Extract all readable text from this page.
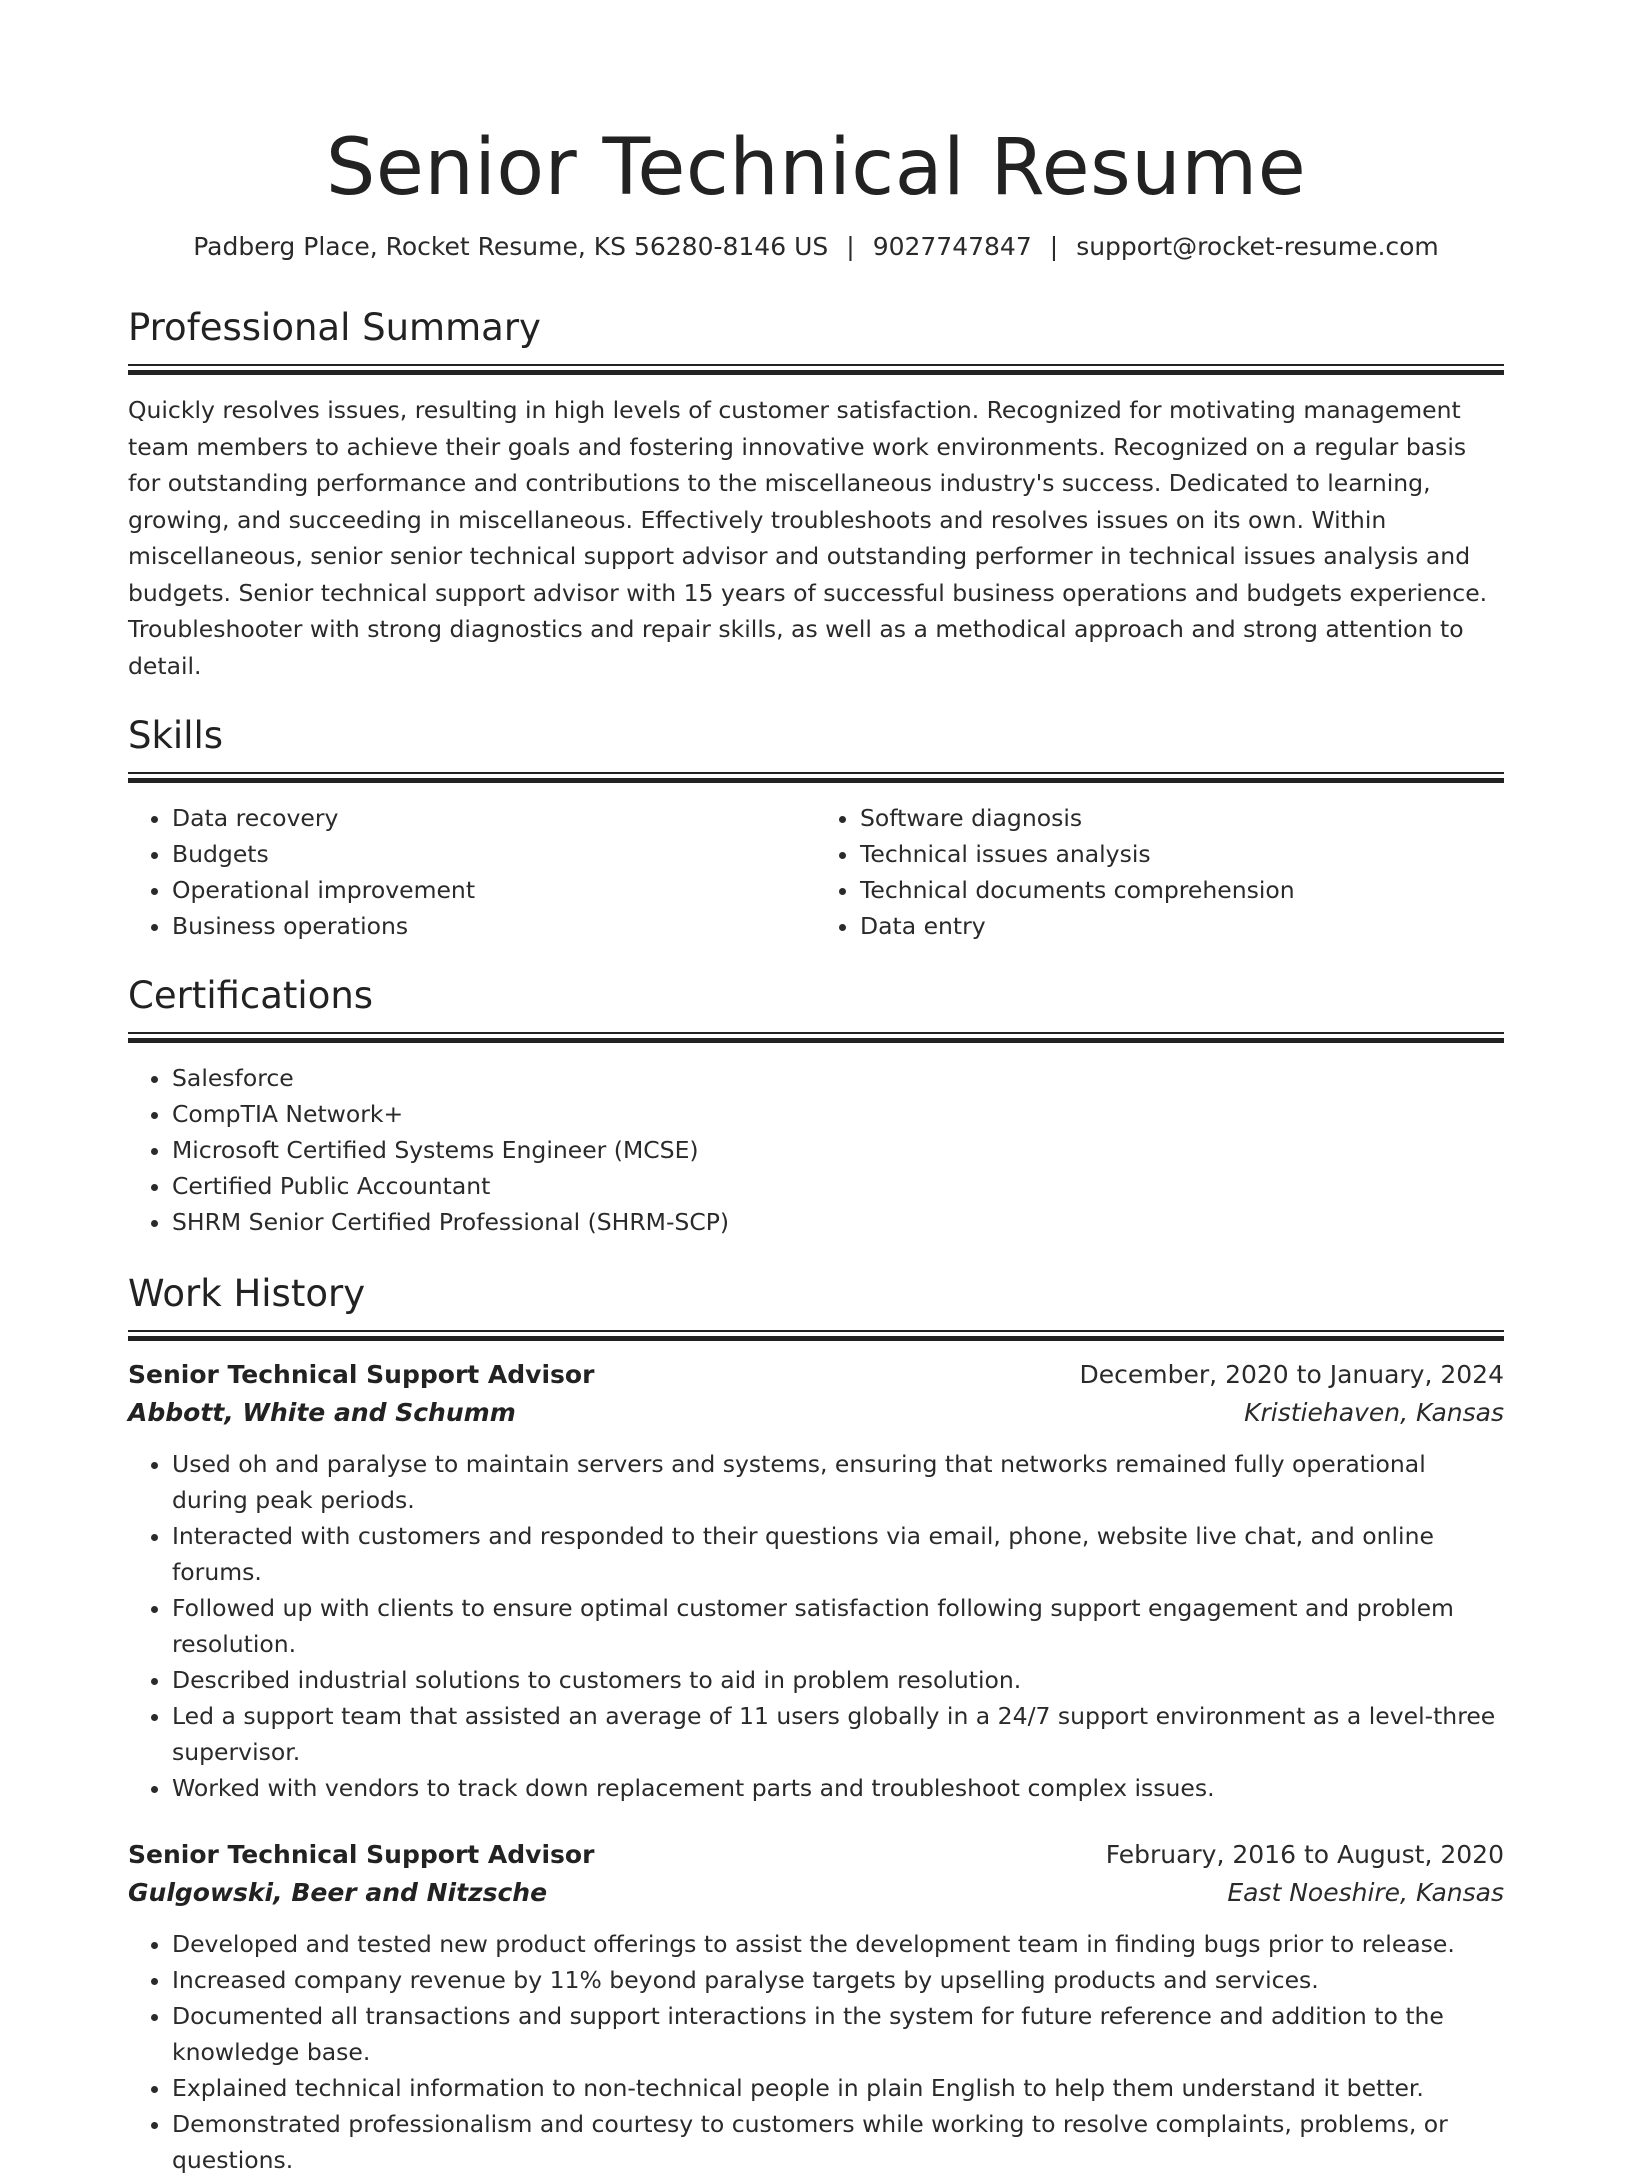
Senior Technical Resume
Padberg Place, Rocket Resume, KS 56280-8146 US | 9027747847 | support@rocket-resume.com
Professional Summary
Quickly resolves issues, resulting in high levels of customer satisfaction. Recognized for motivating management team members to achieve their goals and fostering innovative work environments. Recognized on a regular basis for outstanding performance and contributions to the miscellaneous industry's success. Dedicated to learning, growing, and succeeding in miscellaneous. Effectively troubleshoots and resolves issues on its own. Within miscellaneous, senior senior technical support advisor and outstanding performer in technical issues analysis and budgets. Senior technical support advisor with 15 years of successful business operations and budgets experience. Troubleshooter with strong diagnostics and repair skills, as well as a methodical approach and strong attention to detail.
Skills
• Data recovery
• Budgets
• Operational improvement
• Business operations
• Software diagnosis
• Technical issues analysis
• Technical documents comprehension
• Data entry
Certifications
• Salesforce
• CompTIA Network+
• Microsoft Certified Systems Engineer (MCSE)
• Certified Public Accountant
• SHRM Senior Certified Professional (SHRM-SCP)
Work History
Senior Technical Support Advisor	December, 2020 to January, 2024
Abbott, White and Schumm	Kristiehaven, Kansas
• Used oh and paralyse to maintain servers and systems, ensuring that networks remained fully operational during peak periods.
• Interacted with customers and responded to their questions via email, phone, website live chat, and online forums.
• Followed up with clients to ensure optimal customer satisfaction following support engagement and problem resolution.
• Described industrial solutions to customers to aid in problem resolution.
• Led a support team that assisted an average of 11 users globally in a 24/7 support environment as a level-three supervisor.
• Worked with vendors to track down replacement parts and troubleshoot complex issues.
Senior Technical Support Advisor	February, 2016 to August, 2020
Gulgowski, Beer and Nitzsche	East Noeshire, Kansas
• Developed and tested new product offerings to assist the development team in finding bugs prior to release.
• Increased company revenue by 11% beyond paralyse targets by upselling products and services.
• Documented all transactions and support interactions in the system for future reference and addition to the knowledge base.
• Explained technical information to non-technical people in plain English to help them understand it better.
• Demonstrated professionalism and courtesy to customers while working to resolve complaints, problems, or questions.
